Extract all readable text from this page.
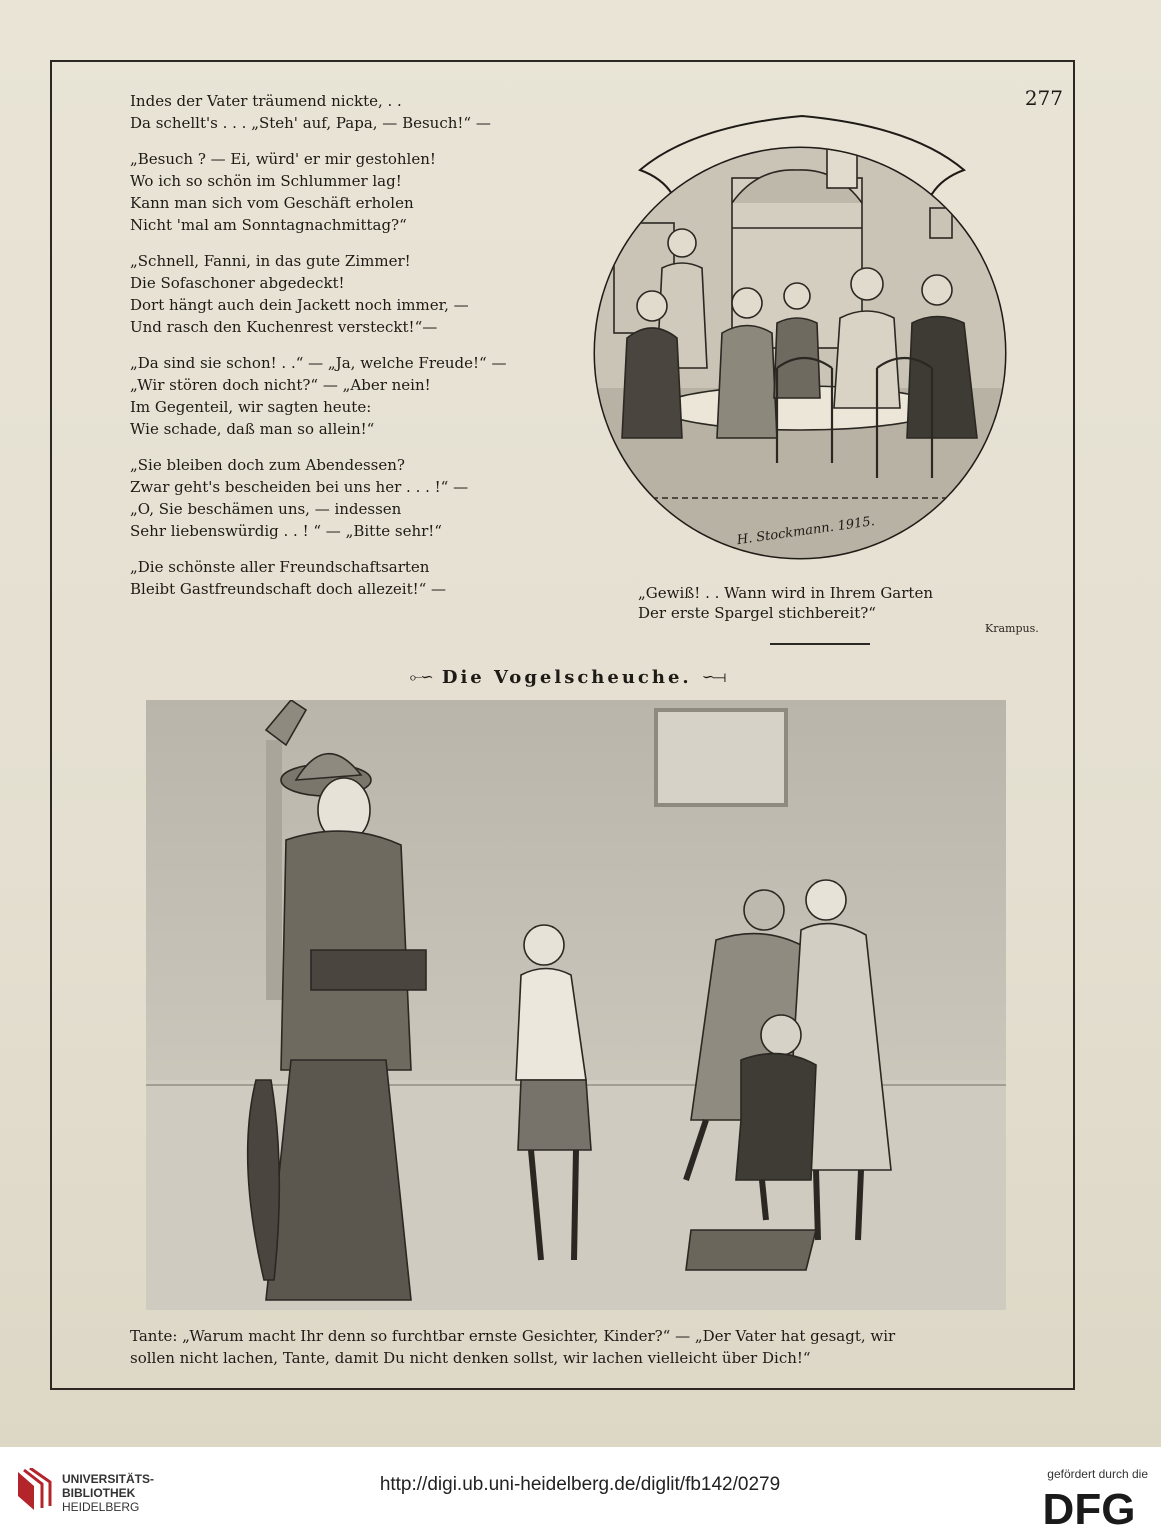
277
Indes der Vater träumend nickte, . .
Da schellt's . . . „Steh' auf, Papa, — Besuch!“ —
„Besuch ? — Ei, würd' er mir gestohlen!
Wo ich so schön im Schlummer lag!
Kann man sich vom Geschäft erholen
Nicht 'mal am Sonntagnachmittag?“
„Schnell, Fanni, in das gute Zimmer!
Die Sofaschoner abgedeckt!
Dort hängt auch dein Jackett noch immer, —
Und rasch den Kuchenrest versteckt!“—
„Da sind sie schon! . .“ — „Ja, welche Freude!“ —
„Wir stören doch nicht?“ — „Aber nein!
Im Gegenteil, wir sagten heute:
Wie schade, daß man so allein!“
„Sie bleiben doch zum Abendessen?
Zwar geht's bescheiden bei uns her . . . !“ —
„O, Sie beschämen uns, — indessen
Sehr liebenswürdig . . ! “ — „Bitte sehr!“
„Die schönste aller Freundschaftsarten
Bleibt Gastfreundschaft doch allezeit!“ —
H. Stockmann. 1915.
„Gewiß! . . Wann wird in Ihrem Garten
Der erste Spargel stichbereit?“
Krampus.
⟜∽ Die Vogelscheuche. ∽⟞
Tante: „Warum macht Ihr denn so furchtbar ernste Gesichter, Kinder?“ — „Der Vater hat gesagt, wir
sollen nicht lachen, Tante, damit Du nicht denken sollst, wir lachen vielleicht über Dich!“
UNIVERSITÄTS-
BIBLIOTHEK
HEIDELBERG
http://digi.ub.uni-heidelberg.de/diglit/fb142/0279	gefördert durch die
DFG
